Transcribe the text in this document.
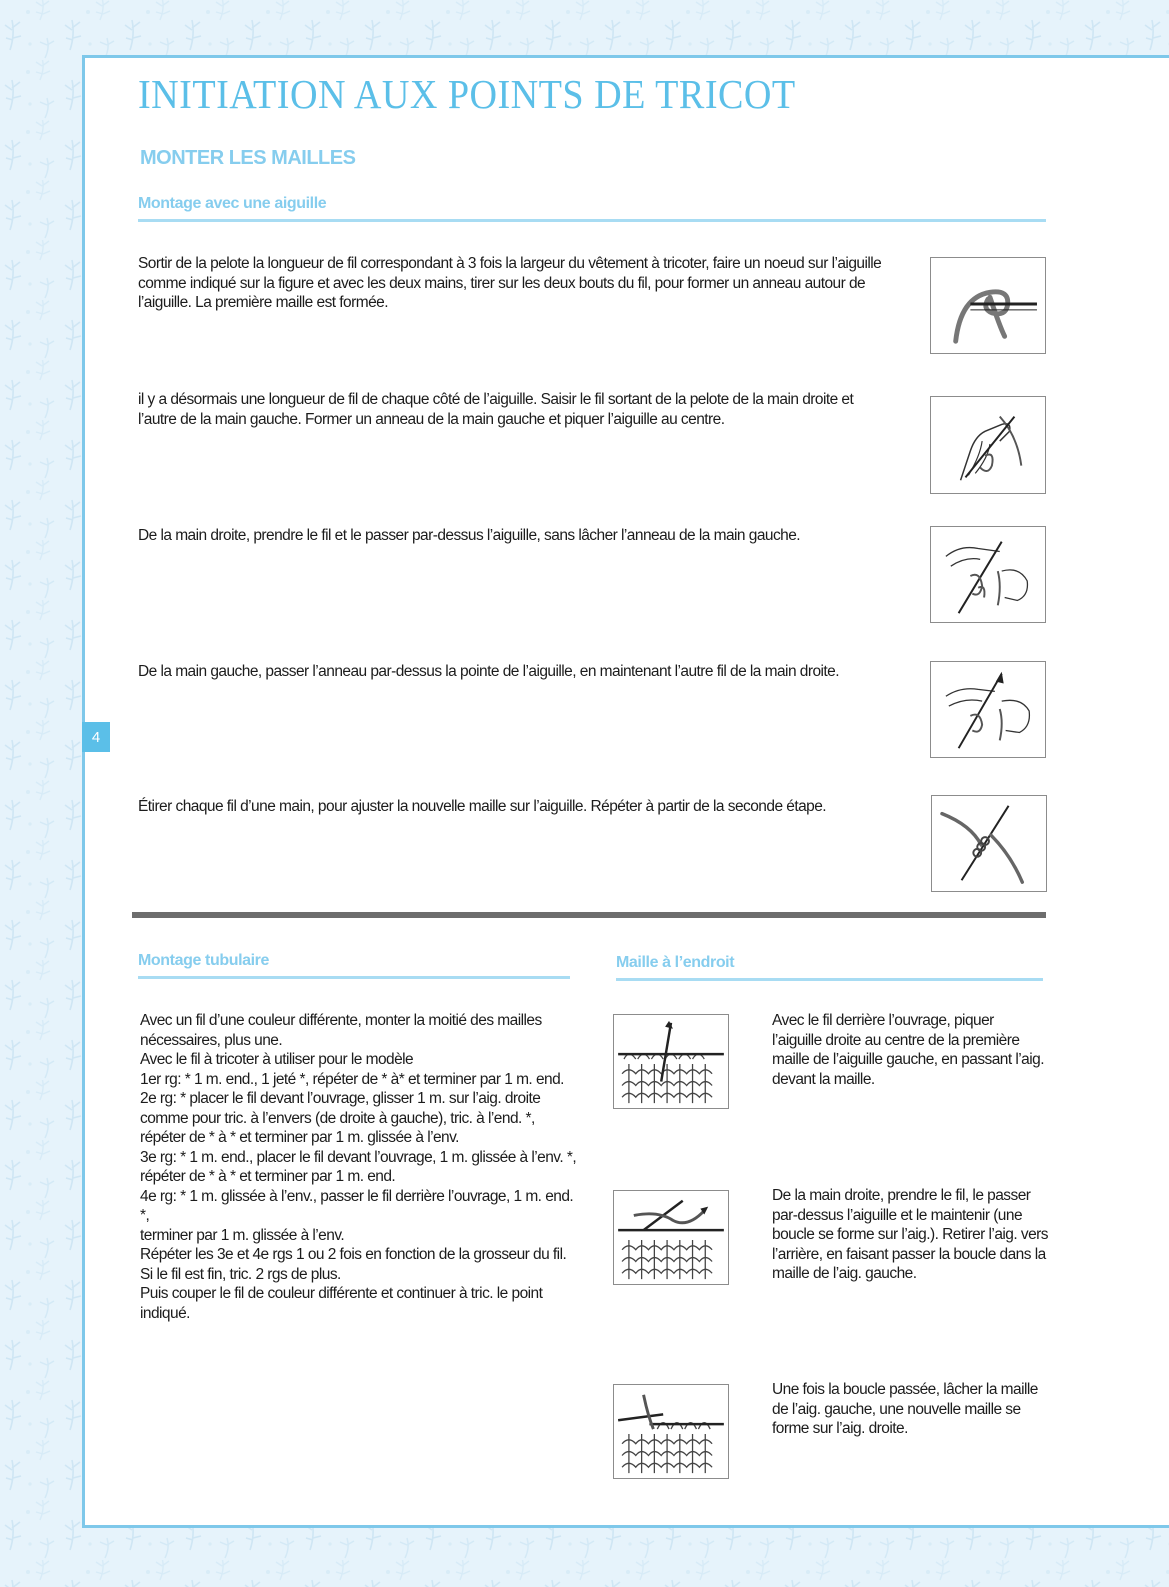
INITIATION AUX POINTS DE TRICOT
MONTER LES MAILLES
Montage avec une aiguille
Sortir de la pelote la longueur de fil correspondant à 3 fois la largeur du vêtement à tricoter, faire un noeud sur l’aiguille
comme indiqué sur la figure et avec les deux mains, tirer sur les deux bouts du fil, pour former un anneau autour de
l’aiguille. La première maille est formée.
il y a désormais une longueur de fil de chaque côté de l’aiguille. Saisir le fil sortant de la pelote de la main droite et
l’autre de la main gauche. Former un anneau de la main gauche et piquer l’aiguille au centre.
De la main droite, prendre le fil et le passer par-dessus l’aiguille, sans lâcher l’anneau de la main gauche.
De la main gauche, passer l’anneau par-dessus la pointe de l’aiguille, en maintenant l’autre fil de la main droite.
Étirer chaque fil d’une main, pour ajuster la nouvelle maille sur l’aiguille. Répéter à partir de la seconde étape.
Montage tubulaire
Avec un fil d’une couleur différente, monter la moitié des mailles
nécessaires, plus une.
Avec le fil à tricoter à utiliser pour le modèle
1er rg: * 1 m. end., 1 jeté *, répéter de * à* et terminer par 1 m. end.
2e rg: * placer le fil devant l’ouvrage, glisser 1 m. sur l’aig. droite
comme pour tric. à l’envers (de droite à gauche), tric. à l’end. *,
répéter de * à * et terminer par 1 m. glissée à l’env.
3e rg: * 1 m. end., placer le fil devant l’ouvrage, 1 m. glissée à l’env. *,
répéter de * à * et terminer par 1 m. end.
4e rg: * 1 m. glissée à l’env., passer le fil derrière l’ouvrage, 1 m. end. *,
terminer par 1 m. glissée à l’env.
Répéter les 3e et 4e rgs 1 ou 2 fois en fonction de la grosseur du fil.
Si le fil est fin, tric. 2 rgs de plus.
Puis couper le fil de couleur différente et continuer à tric. le point
indiqué.
Maille à l’endroit
Avec le fil derrière l’ouvrage, piquer
l’aiguille droite au centre de la première
maille de l’aiguille gauche, en passant l’aig.
devant la maille.
De la main droite, prendre le fil, le passer
par-dessus l’aiguille et le maintenir (une
boucle se forme sur l’aig.). Retirer l’aig. vers
l’arrière, en faisant passer la boucle dans la
maille de l’aig. gauche.
Une fois la boucle passée, lâcher la maille
de l’aig. gauche, une nouvelle maille se
forme sur l’aig. droite.
4
